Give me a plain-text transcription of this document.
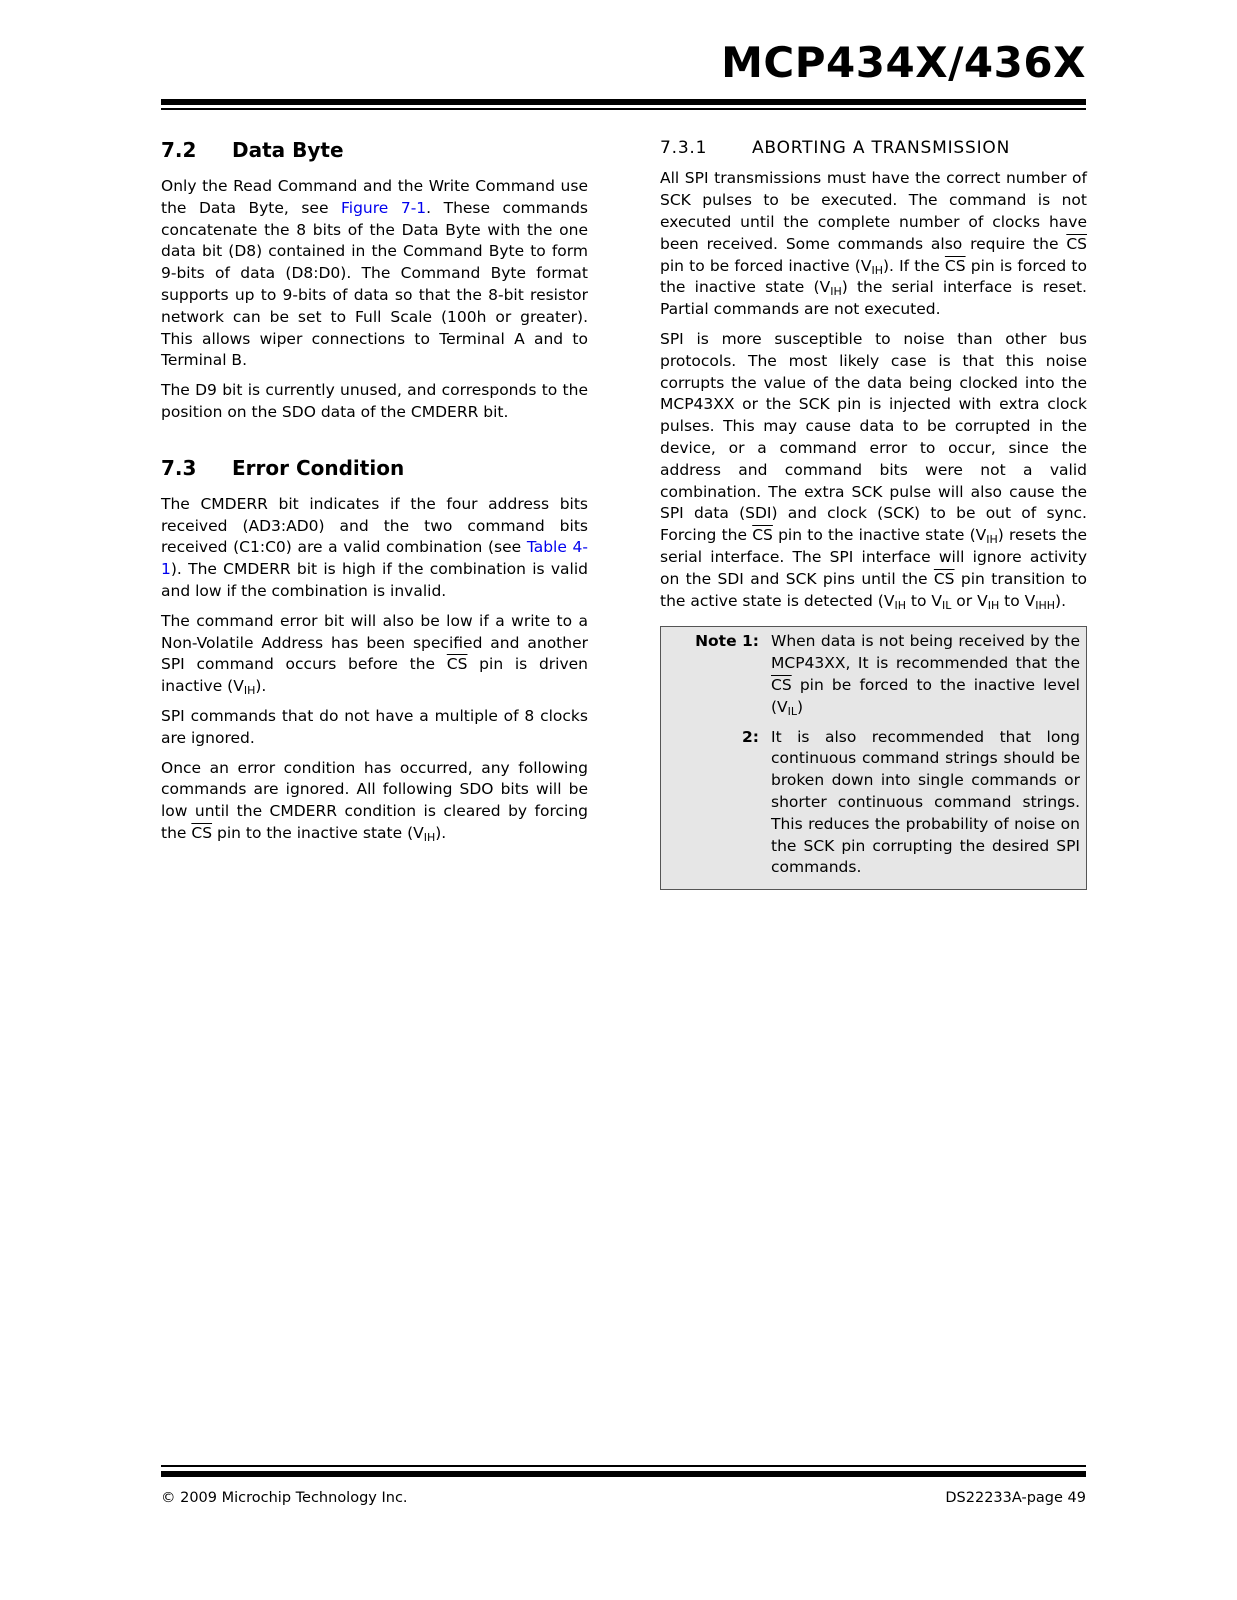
MCP434X/436X
7.2 Data Byte

Only the Read Command and the Write Command use the Data Byte, see Figure 7-1. These commands concatenate the 8 bits of the Data Byte with the one data bit (D8) contained in the Command Byte to form 9-bits of data (D8:D0). The Command Byte format supports up to 9-bits of data so that the 8-bit resistor network can be set to Full Scale (100h or greater). This allows wiper connections to Terminal A and to Terminal B.

The D9 bit is currently unused, and corresponds to the position on the SDO data of the CMDERR bit.

7.3 Error Condition

The CMDERR bit indicates if the four address bits received (AD3:AD0) and the two command bits received (C1:C0) are a valid combination (see Table 4-1). The CMDERR bit is high if the combination is valid and low if the combination is invalid.

The command error bit will also be low if a write to a Non-Volatile Address has been specified and another SPI command occurs before the $\overline{CS}$ pin is driven inactive $(V_{IH})$.

SPI commands that do not have a multiple of 8 clocks are ignored.

Once an error condition has occurred, any following commands are ignored. All following SDO bits will be low until the CMDERR condition is cleared by forcing the $\overline{CS}$ pin to the inactive state $(V_{IH})$.

7.3.1	ABORTING A TRANSMISSION

All SPI transmissions must have the correct number of SCK pulses to be executed. The command is not executed until the complete number of clocks have been received. Some commands also require the $\overline{CS}$ pin to be forced inactive $(V_{IH})$. If the $\overline{CS}$ pin is forced to the inactive state $(V_{IH})$ the serial interface is reset. Partial commands are not executed.

SPI is more susceptible to noise than other bus protocols. The most likely case is that this noise corrupts the value of the data being clocked into the MCP43XX or the SCK pin is injected with extra clock pulses. This may cause data to be corrupted in the device, or a command error to occur, since the address and command bits were not a valid combination. The extra SCK pulse will also cause the SPI data (SDI) and clock (SCK) to be out of sync. Forcing the $\overline{CS}$ pin to the inactive state $(V_{IH})$ resets the serial interface. The SPI interface will ignore activity on the SDI and SCK pins until the $\overline{CS}$ pin transition to the active state is detected ($V_{IH}$ to $V_{IL}$ or $V_{IH}$ to $V_{IHH}$).

Note 1: When data is not being received by the MCP43XX, It is recommended that the $\overline{CS}$ pin be forced to the inactive level $(V_{IL})$
2: It is also recommended that long continuous command strings should be broken down into single commands or shorter continuous command strings. This reduces the probability of noise on the SCK pin corrupting the desired SPI commands.
© 2009 Microchip Technology Inc.	DS22233A-page 49
